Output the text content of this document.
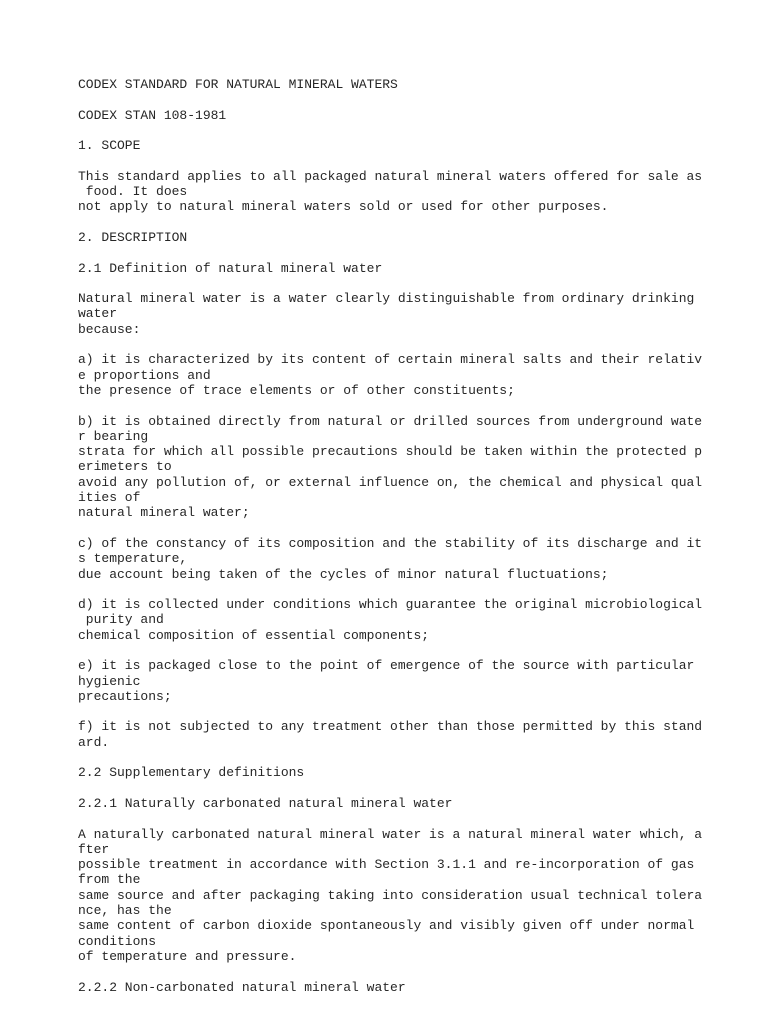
CODEX STANDARD FOR NATURAL MINERAL WATERS
CODEX STAN 108-1981
1. SCOPE
This standard applies to all packaged natural mineral waters offered for sale as
food. It does
not apply to natural mineral waters sold or used for other purposes.
2. DESCRIPTION
2.1 Definition of natural mineral water
Natural mineral water is a water clearly distinguishable from ordinary drinking
water
because:
a) it is characterized by its content of certain mineral salts and their relativ
e proportions and
the presence of trace elements or of other constituents;
b) it is obtained directly from natural or drilled sources from underground wate
r bearing
strata for which all possible precautions should be taken within the protected p
erimeters to
avoid any pollution of, or external influence on, the chemical and physical qual
ities of
natural mineral water;
c) of the constancy of its composition and the stability of its discharge and it
s temperature,
due account being taken of the cycles of minor natural fluctuations;
d) it is collected under conditions which guarantee the original microbiological
purity and
chemical composition of essential components;
e) it is packaged close to the point of emergence of the source with particular
hygienic
precautions;
f) it is not subjected to any treatment other than those permitted by this stand
ard.
2.2 Supplementary definitions
2.2.1 Naturally carbonated natural mineral water
A naturally carbonated natural mineral water is a natural mineral water which, a
fter
possible treatment in accordance with Section 3.1.1 and re-incorporation of gas
from the
same source and after packaging taking into consideration usual technical tolera
nce, has the
same content of carbon dioxide spontaneously and visibly given off under normal
conditions
of temperature and pressure.
2.2.2 Non-carbonated natural mineral water
